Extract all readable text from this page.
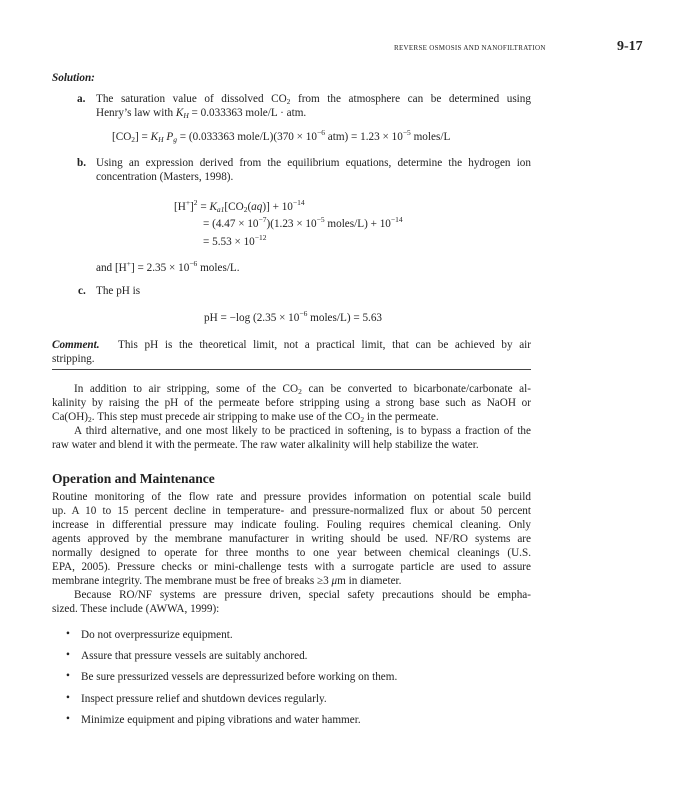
REVERSE OSMOSIS AND NANOFILTRATION	9-17
Solution:
a. The saturation value of dissolved $CO_2$ from the atmosphere can be determined using
Henry’s law with $K_H = 0.033363$ mole/L · atm.
$[CO_2] = K_H$ $P_g = (0.033363$ mole/L)(370 × $10^{-6}$ $atm) = 1.23 \times 10^{-5}$ moles/L
b. Using an expression derived from the equilibrium equations, determine the hydrogen ion
concentration (Masters, 1998).
$[H^+]^2 = K_{a1}[CO_2(aq)] + 10^{-14}$
= $(4.47 \times 10^{-7})(1.23 \times 10^{-5}$ moles/L) + $10^{-14}$
= $5.53 \times 10^{-12}$
and $[H^+] = 2.35 \times 10^{-6}$ moles/L.
c. The pH is
pH = −log ($2.35 \times 10^{-6}$ moles/L) = 5.63
Comment. This pH is the theoretical limit, not a practical limit, that can be achieved by air
stripping.
In addition to air stripping, some of the $CO_2$ can be converted to bicarbonate/carbonate al-
kalinity by raising the pH of the permeate before stripping using a strong base such as NaOH or
$Ca(OH)_2$. This step must precede air stripping to make use of the $CO_2$ in the permeate.
A third alternative, and one most likely to be practiced in softening, is to bypass a fraction of the
raw water and blend it with the permeate. The raw water alkalinity will help stabilize the water.
Operation and Maintenance
Routine monitoring of the flow rate and pressure provides information on potential scale build
up. A 10 to 15 percent decline in temperature- and pressure-normalized flux or about 50 percent
increase in differential pressure may indicate fouling. Fouling requires chemical cleaning. Only
agents approved by the membrane manufacturer in writing should be used. NF/RO systems are
normally designed to operate for three months to one year between chemical cleanings (U.S.
EPA, 2005). Pressure checks or mini-challenge tests with a surrogate particle are used to assure
membrane integrity. The membrane must be free of breaks ≥3 μm in diameter.
Because RO/NF systems are pressure driven, special safety precautions should be empha-
sized. These include (AWWA, 1999):
• Do not overpressurize equipment.
• Assure that pressure vessels are suitably anchored.
• Be sure pressurized vessels are depressurized before working on them.
• Inspect pressure relief and shutdown devices regularly.
• Minimize equipment and piping vibrations and water hammer.
